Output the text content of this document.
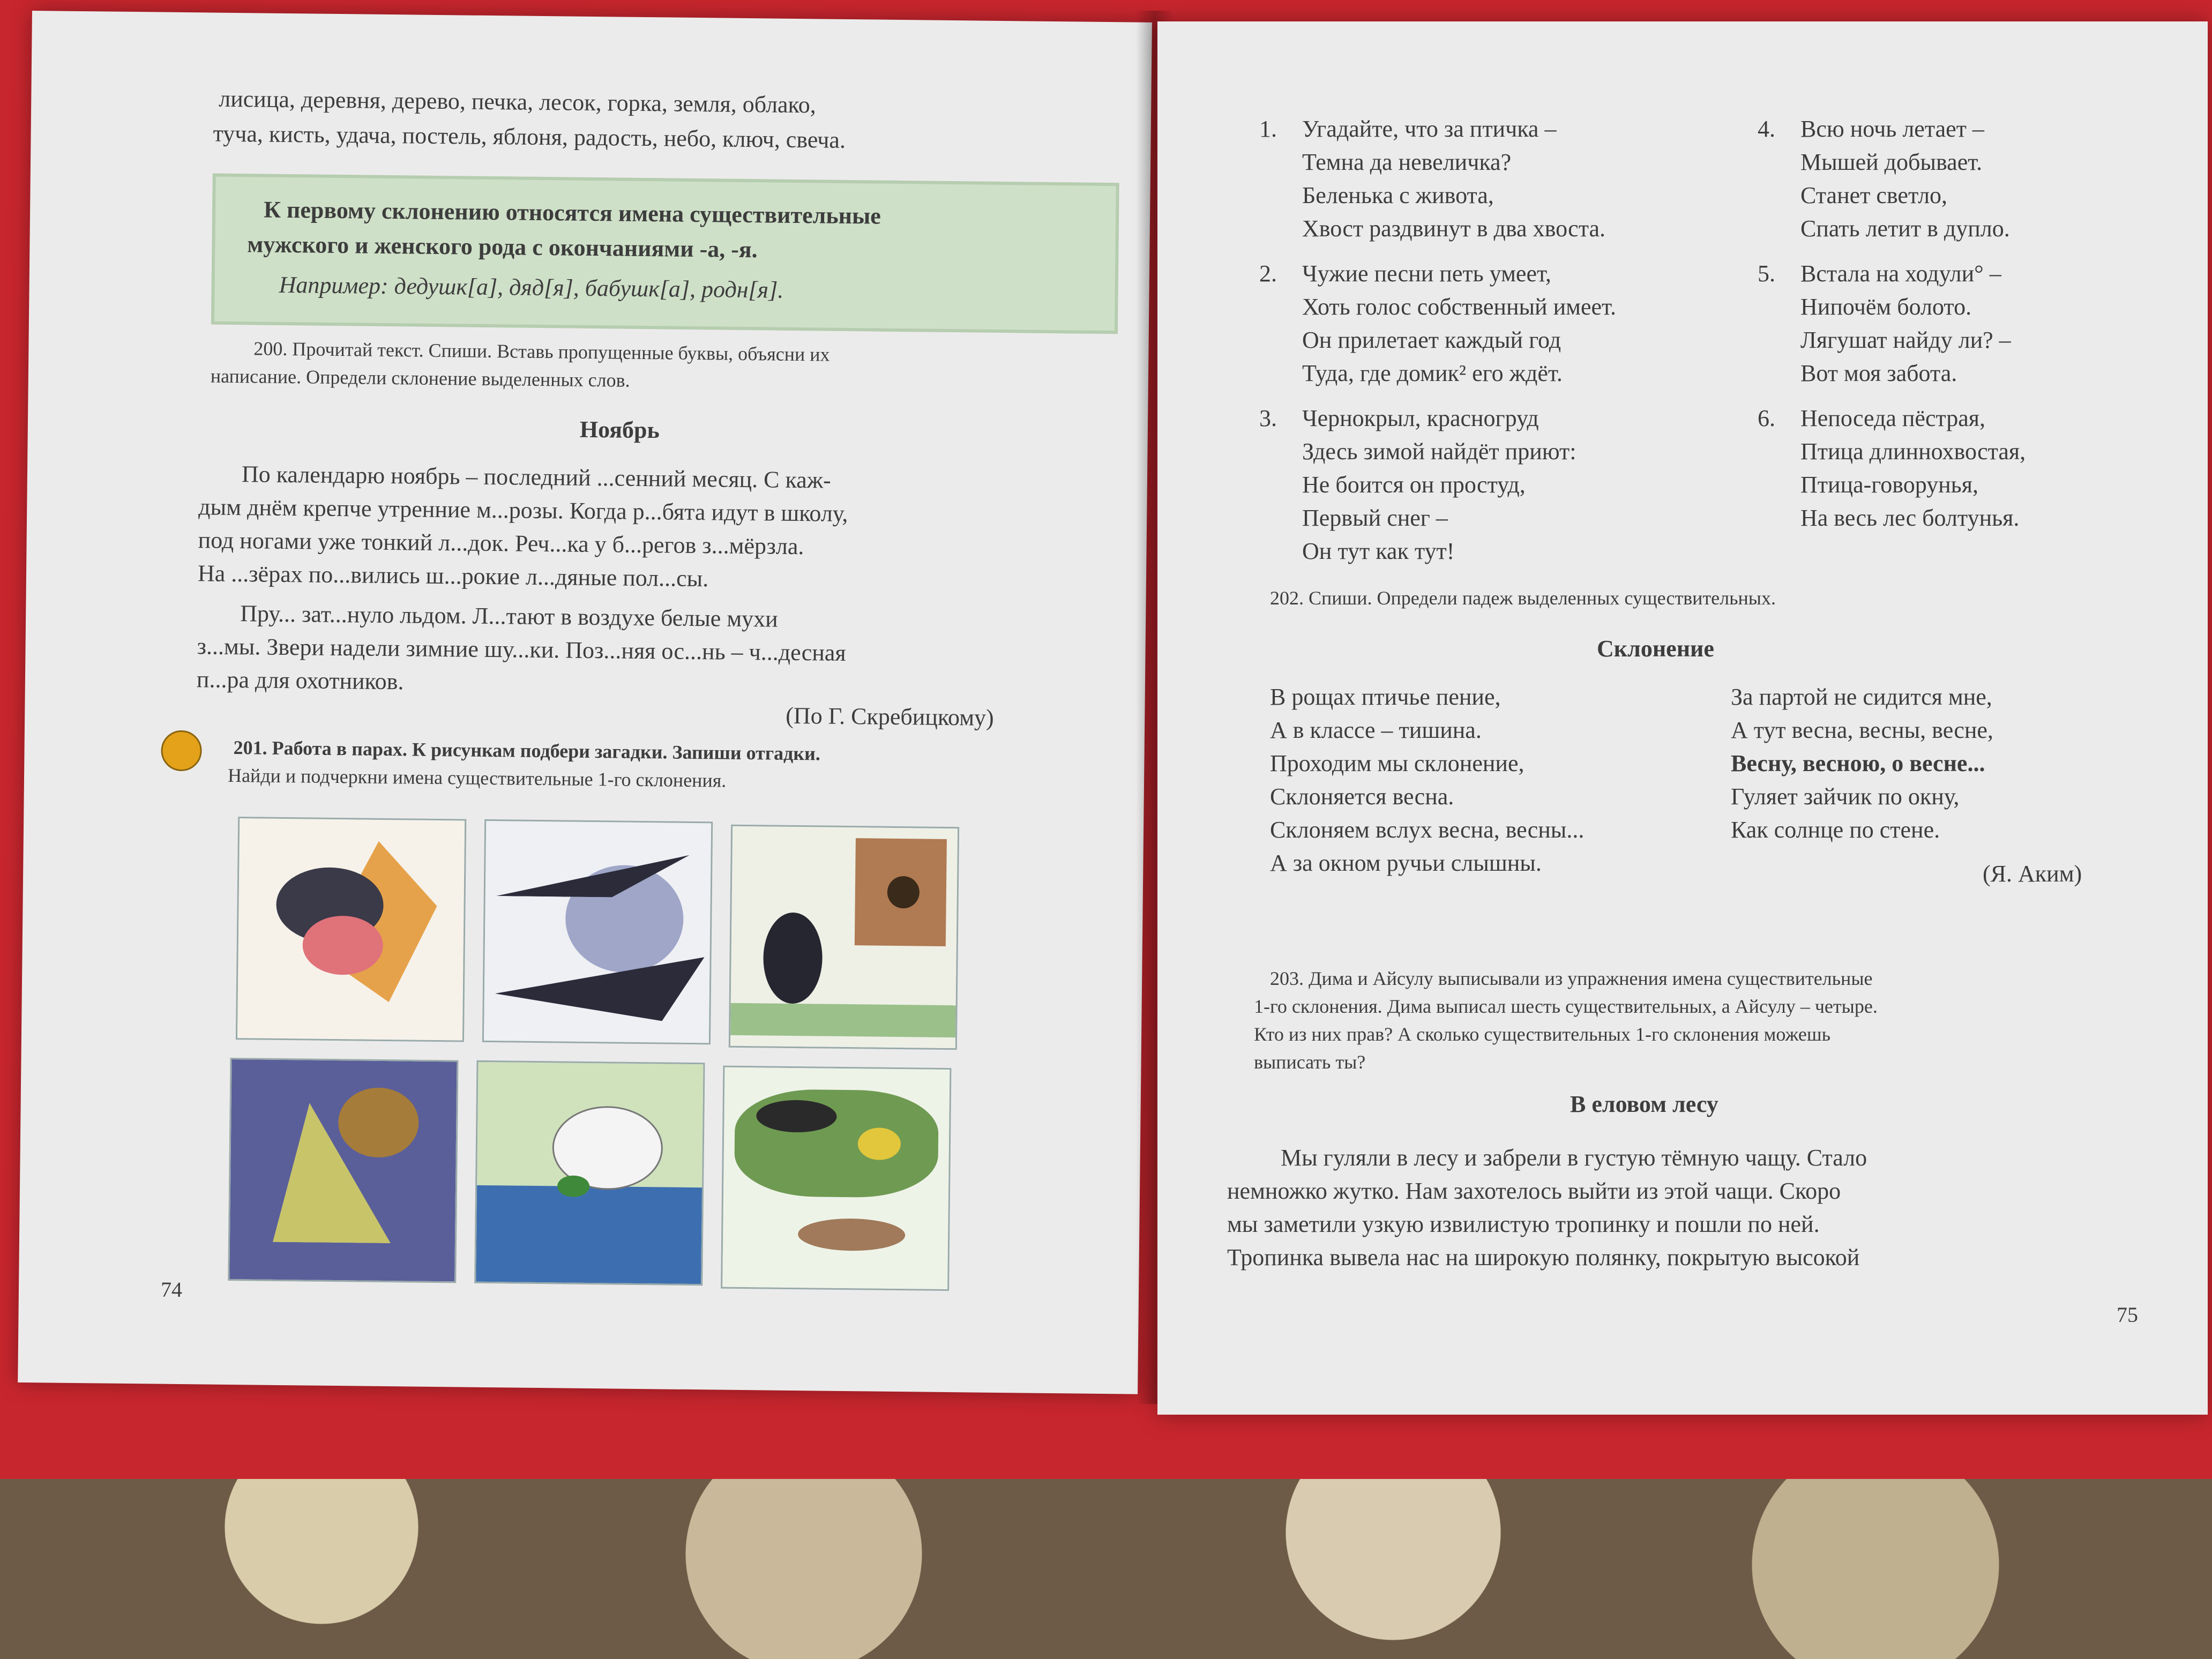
лисица, деревня, дерево, печка, лесок, горка, земля, облако,
туча, кисть, удача, постель, яблоня, радость, небо, ключ, свеча.
К первому склонению относятся имена существительные
мужского и женского рода с окончаниями -а, -я.
Например: дедушк[а], дяд[я], бабушк[а], родн[я].
200. Прочитай текст. Спиши. Вставь пропущенные буквы, объясни их
написание. Определи склонение выделенных слов.
Ноябрь
По календарю ноябрь – последний ...сенний месяц. С каж-
дым днём крепче утренние м...розы. Когда р...бята идут в школу,
под ногами уже тонкий л...док. Реч...ка у б...регов з...мёрзла.
На ...зёрах по...вились ш...рокие л...дяные пол...сы.
Пру... зат...нуло льдом. Л...тают в воздухе белые мухи
з...мы. Звери надели зимние шу...ки. Поз...няя ос...нь – ч...десная
п...ра для охотников.
(По Г. Скребицкому)
201. Работа в парах. К рисункам подбери загадки. Запиши отгадки.
Найди и подчеркни имена существительные 1-го склонения.
74
1. Угадайте, что за птичка –
Темна да невеличка?
Беленька с живота,
Хвост раздвинут в два хвоста.
2. Чужие песни петь умеет,
Хоть голос собственный имеет.
Он прилетает каждый год
Туда, где домик² его ждёт.
3. Чернокрыл, красногруд
Здесь зимой найдёт приют:
Не боится он простуд,
Первый снег –
Он тут как тут!
4. Всю ночь летает –
Мышей добывает.
Станет светло,
Спать летит в дупло.
5. Встала на ходули° –
Нипочём болото.
Лягушат найду ли? –
Вот моя забота.
6. Непоседа пёстрая,
Птица длиннохвостая,
Птица-говорунья,
На весь лес болтунья.
202. Спиши. Определи падеж выделенных существительных.
Склонение
В рощах птичье пение,
А в классе – тишина.
Проходим мы склонение,
Склоняется весна.
Склоняем вслух весна, весны...
А за окном ручьи слышны.
За партой не сидится мне,
А тут весна, весны, весне,
Весну, весною, о весне...
Гуляет зайчик по окну,
Как солнце по стене.
(Я. Аким)
203. Дима и Айсулу выписывали из упражнения имена существительные
1-го склонения. Дима выписал шесть существительных, а Айсулу – четыре.
Кто из них прав? А сколько существительных 1-го склонения можешь
выписать ты?
В еловом лесу
Мы гуляли в лесу и забрели в густую тёмную чащу. Стало
немножко жутко. Нам захотелось выйти из этой чащи. Скоро
мы заметили узкую извилистую тропинку и пошли по ней.
Тропинка вывела нас на широкую полянку, покрытую высокой
75
